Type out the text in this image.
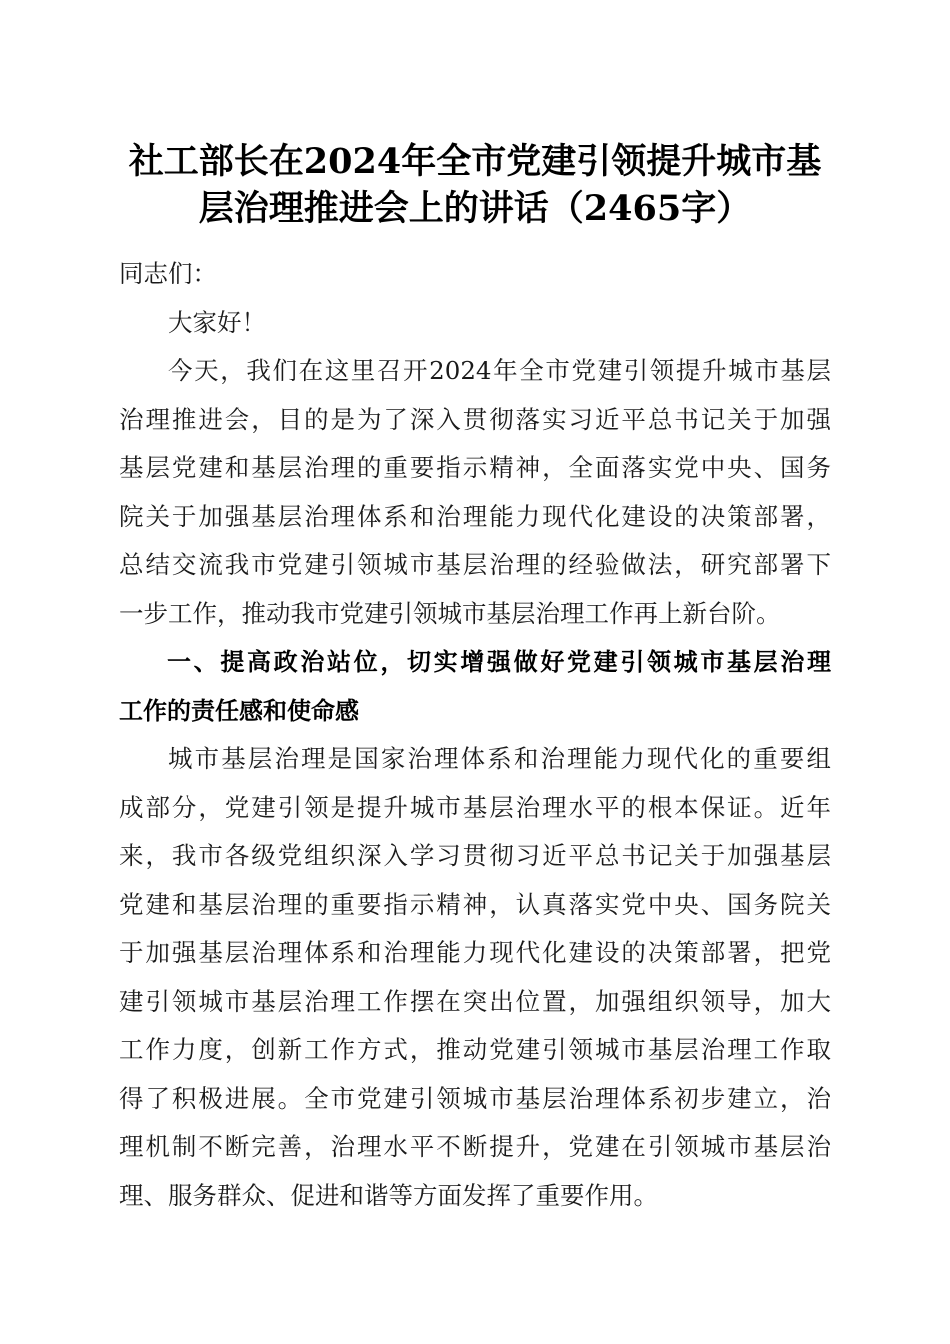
社工部长在2024年全市党建引领提升城市基
层治理推进会上的讲话（2465字）

同志们：

大家好！

今天，我们在这里召开2024年全市党建引领提升城市基层
治理推进会，目的是为了深入贯彻落实习近平总书记关于加强
基层党建和基层治理的重要指示精神，全面落实党中央、国务
院关于加强基层治理体系和治理能力现代化建设的决策部署，
总结交流我市党建引领城市基层治理的经验做法，研究部署下
一步工作，推动我市党建引领城市基层治理工作再上新台阶。

一、提高政治站位，切实增强做好党建引领城市基层治理
工作的责任感和使命感

城市基层治理是国家治理体系和治理能力现代化的重要组
成部分，党建引领是提升城市基层治理水平的根本保证。近年
来，我市各级党组织深入学习贯彻习近平总书记关于加强基层
党建和基层治理的重要指示精神，认真落实党中央、国务院关
于加强基层治理体系和治理能力现代化建设的决策部署，把党
建引领城市基层治理工作摆在突出位置，加强组织领导，加大
工作力度，创新工作方式，推动党建引领城市基层治理工作取
得了积极进展。全市党建引领城市基层治理体系初步建立，治
理机制不断完善，治理水平不断提升，党建在引领城市基层治
理、服务群众、促进和谐等方面发挥了重要作用。
